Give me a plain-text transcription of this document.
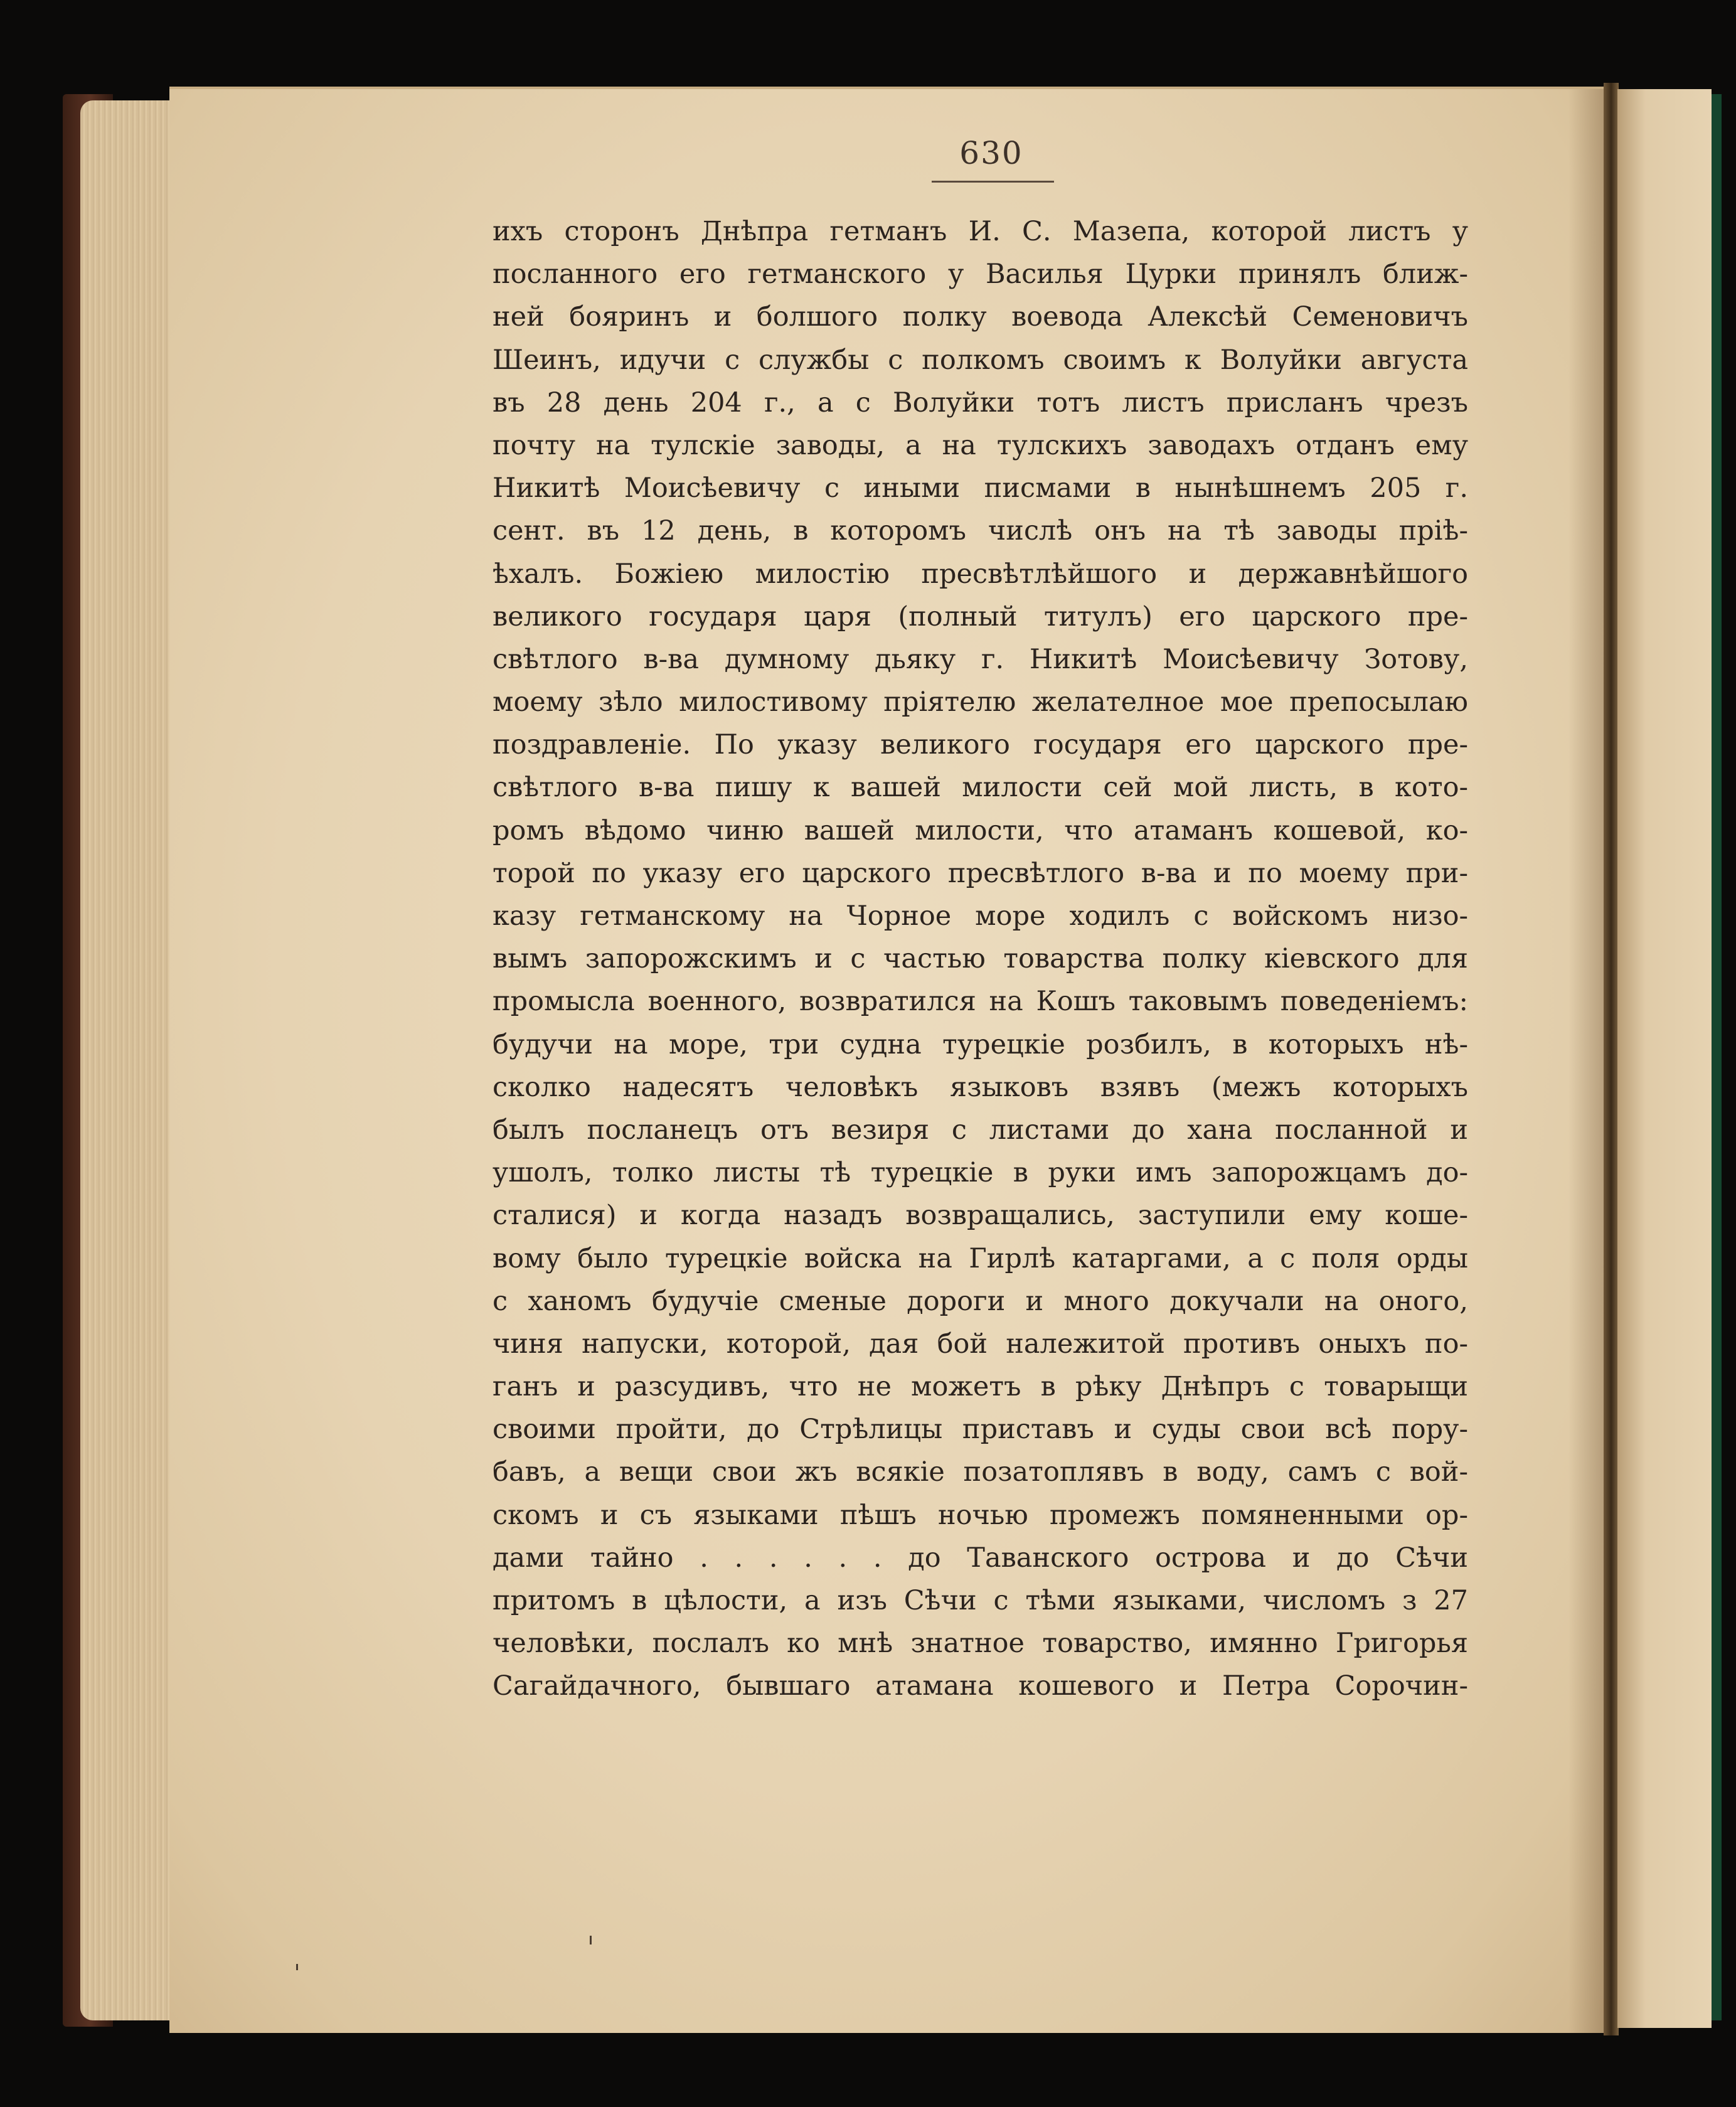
630
ихъ сторонъ Днѣпра гетманъ И. С. Мазепа, которой листъ у
посланного его гетманского у Василья Цурки принялъ ближ-
ней бояринъ и болшого полку воевода Алексѣй Семеновичъ
Шеинъ, идучи с службы с полкомъ своимъ к Волуйки августа
въ 28 день 204 г., а с Волуйки тотъ листъ присланъ чрезъ
почту на тулскіе заводы, а на тулскихъ заводахъ отданъ ему
Никитѣ Моисѣевичу с иными писмами в нынѣшнемъ 205 г.
сент. въ 12 день, в которомъ числѣ онъ на тѣ заводы пріѣ-
ѣхалъ. Божіею милостію пресвѣтлѣйшого и державнѣйшого
великого государя царя (полный титулъ) его царского пре-
свѣтлого в-ва думному дьяку г. Никитѣ Моисѣевичу Зотову,
моему зѣло милостивому пріятелю желателное мое препосылаю
поздравленіе. По указу великого государя его царского пре-
свѣтлого в-ва пишу к вашей милости сей мой листь, в кото-
ромъ вѣдомо чиню вашей милости, что атаманъ кошевой, ко-
торой по указу его царского пресвѣтлого в-ва и по моему при-
казу гетманскому на Чорное море ходилъ с войскомъ низо-
вымъ запорожскимъ и с частью товарства полку кіевского для
промысла военного, возвратился на Кошъ таковымъ поведеніемъ:
будучи на море, три судна турецкіе розбилъ, в которыхъ нѣ-
сколко надесятъ человѣкъ языковъ взявъ (межъ которыхъ
былъ посланецъ отъ везиря с листами до хана посланной и
ушолъ, толко листы тѣ турецкіе в руки имъ запорожцамъ до-
сталися) и когда назадъ возвращались, заступили ему коше-
вому было турецкіе войска на Гирлѣ катаргами, а с поля орды
с ханомъ будучіе сменые дороги и много докучали на оного,
чиня напуски, которой, дая бой належитой противъ оныхъ по-
ганъ и разсудивъ, что не можетъ в рѣку Днѣпръ с товарыщи
своими пройти, до Стрѣлицы приставъ и суды свои всѣ пору-
бавъ, а вещи свои жъ всякіе позатоплявъ в воду, самъ с вой-
скомъ и съ языками пѣшъ ночью промежъ помяненными ор-
дами тайно . . . . . . до Таванского острова и до Сѣчи
притомъ в цѣлости, а изъ Сѣчи с тѣми языками, числомъ з 27
человѣки, послалъ ко мнѣ знатное товарство, имянно Григорья
Сагайдачного, бывшаго атамана кошевого и Петра Сорочин-
